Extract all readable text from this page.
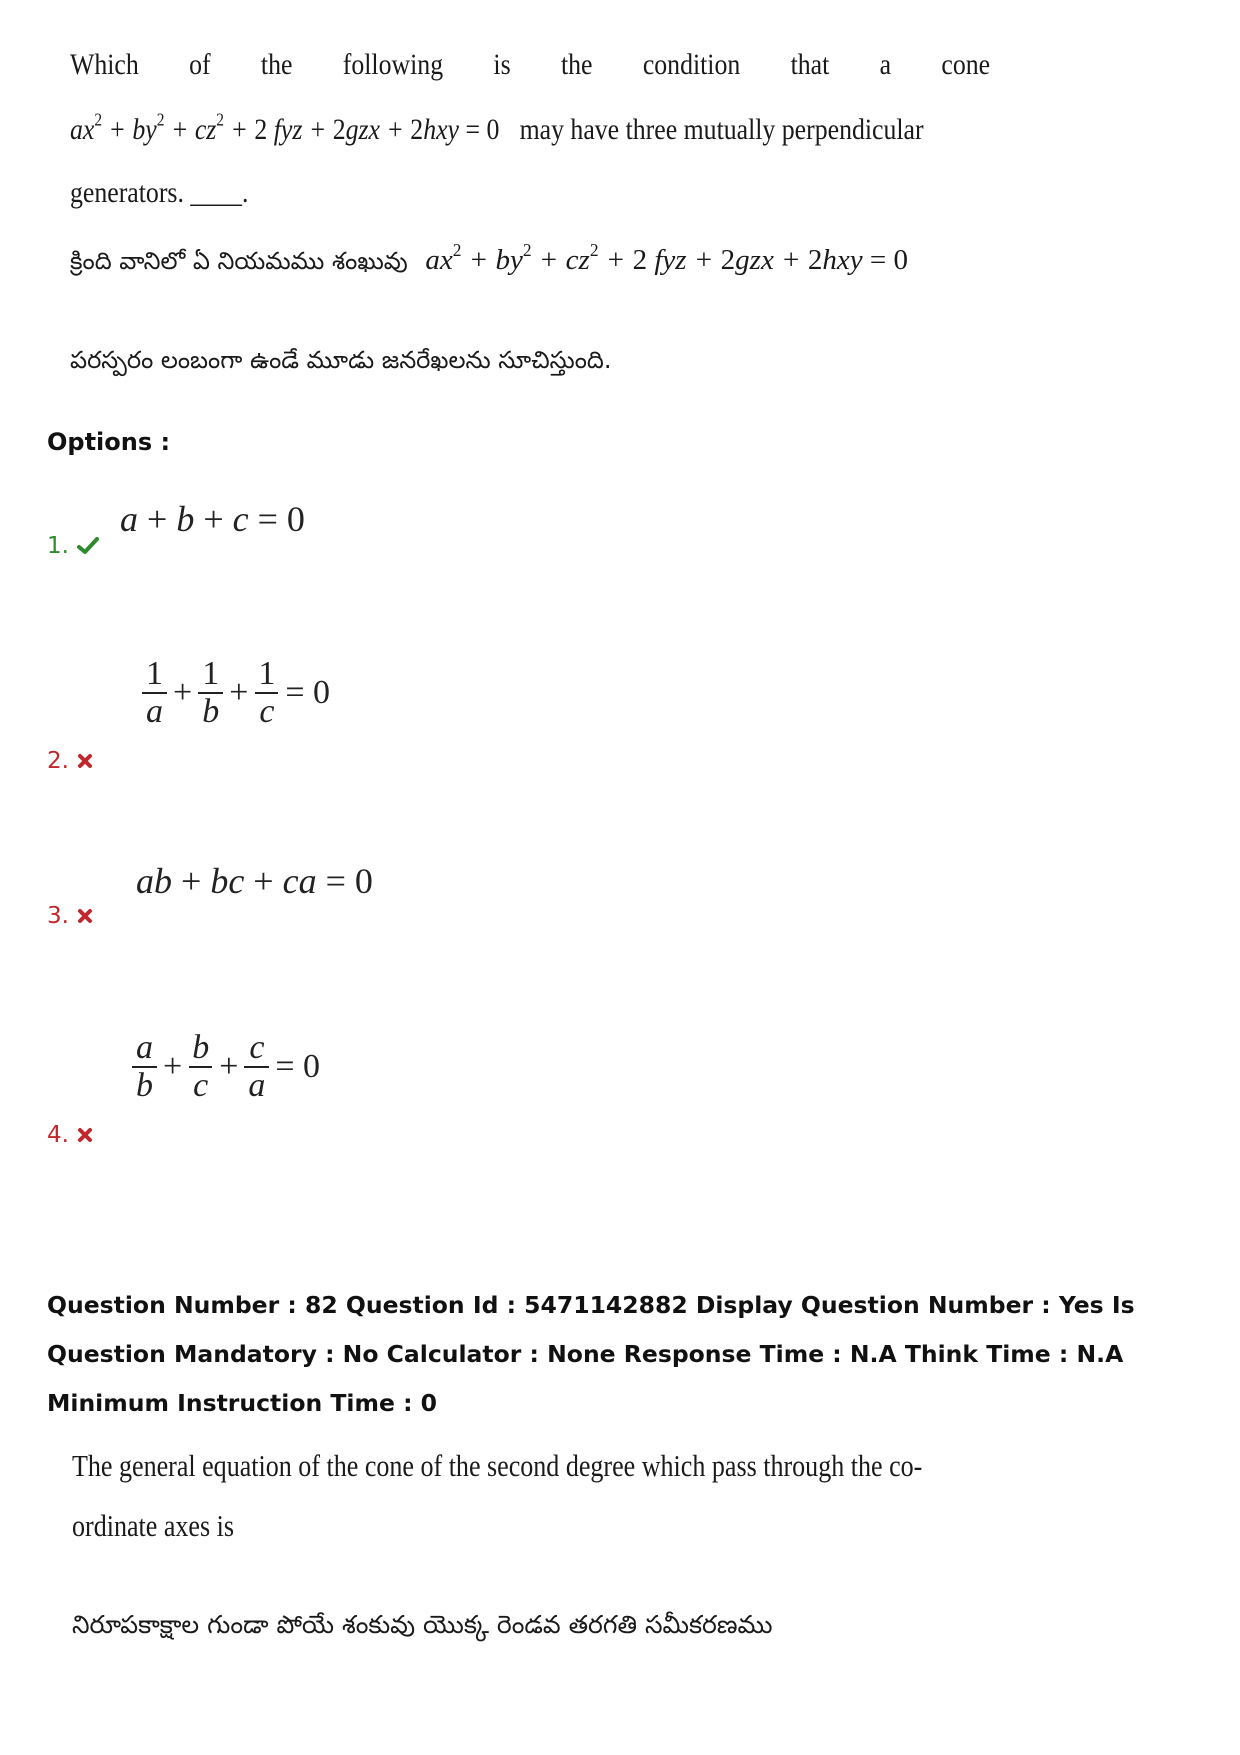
Which of the following is the condition that a cone
$ax^2 + by^2 + cz^2 + 2$ fyz + 2gzx + 2hxy = 0 may have three mutually perpendicular
generators. ____.
క్రింది వానిలో ఏ నియమము శంఖువు $ax^2 + by^2 + cz^2 + 2$ fyz + 2gzx + 2hxy = 0
పరస్పరం లంబంగా ఉండే మూడు జనరేఖలను సూచిస్తుంది.
Options :
a + b + c = 0
1.
$\frac{1}{a} + \frac{1}{b} + \frac{1}{c} = 0$
2.
ab + bc + ca = 0
3.
$\frac{a}{b} + \frac{b}{c} + \frac{c}{a} = 0$
4.
Question Number : 82 Question Id : 5471142882 Display Question Number : Yes Is Question Mandatory : No Calculator : None Response Time : N.A Think Time : N.A Minimum Instruction Time : 0
The general equation of the cone of the second degree which pass through the co-
ordinate axes is
నిరూపకాక్షాల గుండా పోయే శంకువు యొక్క రెండవ తరగతి సమీకరణము
